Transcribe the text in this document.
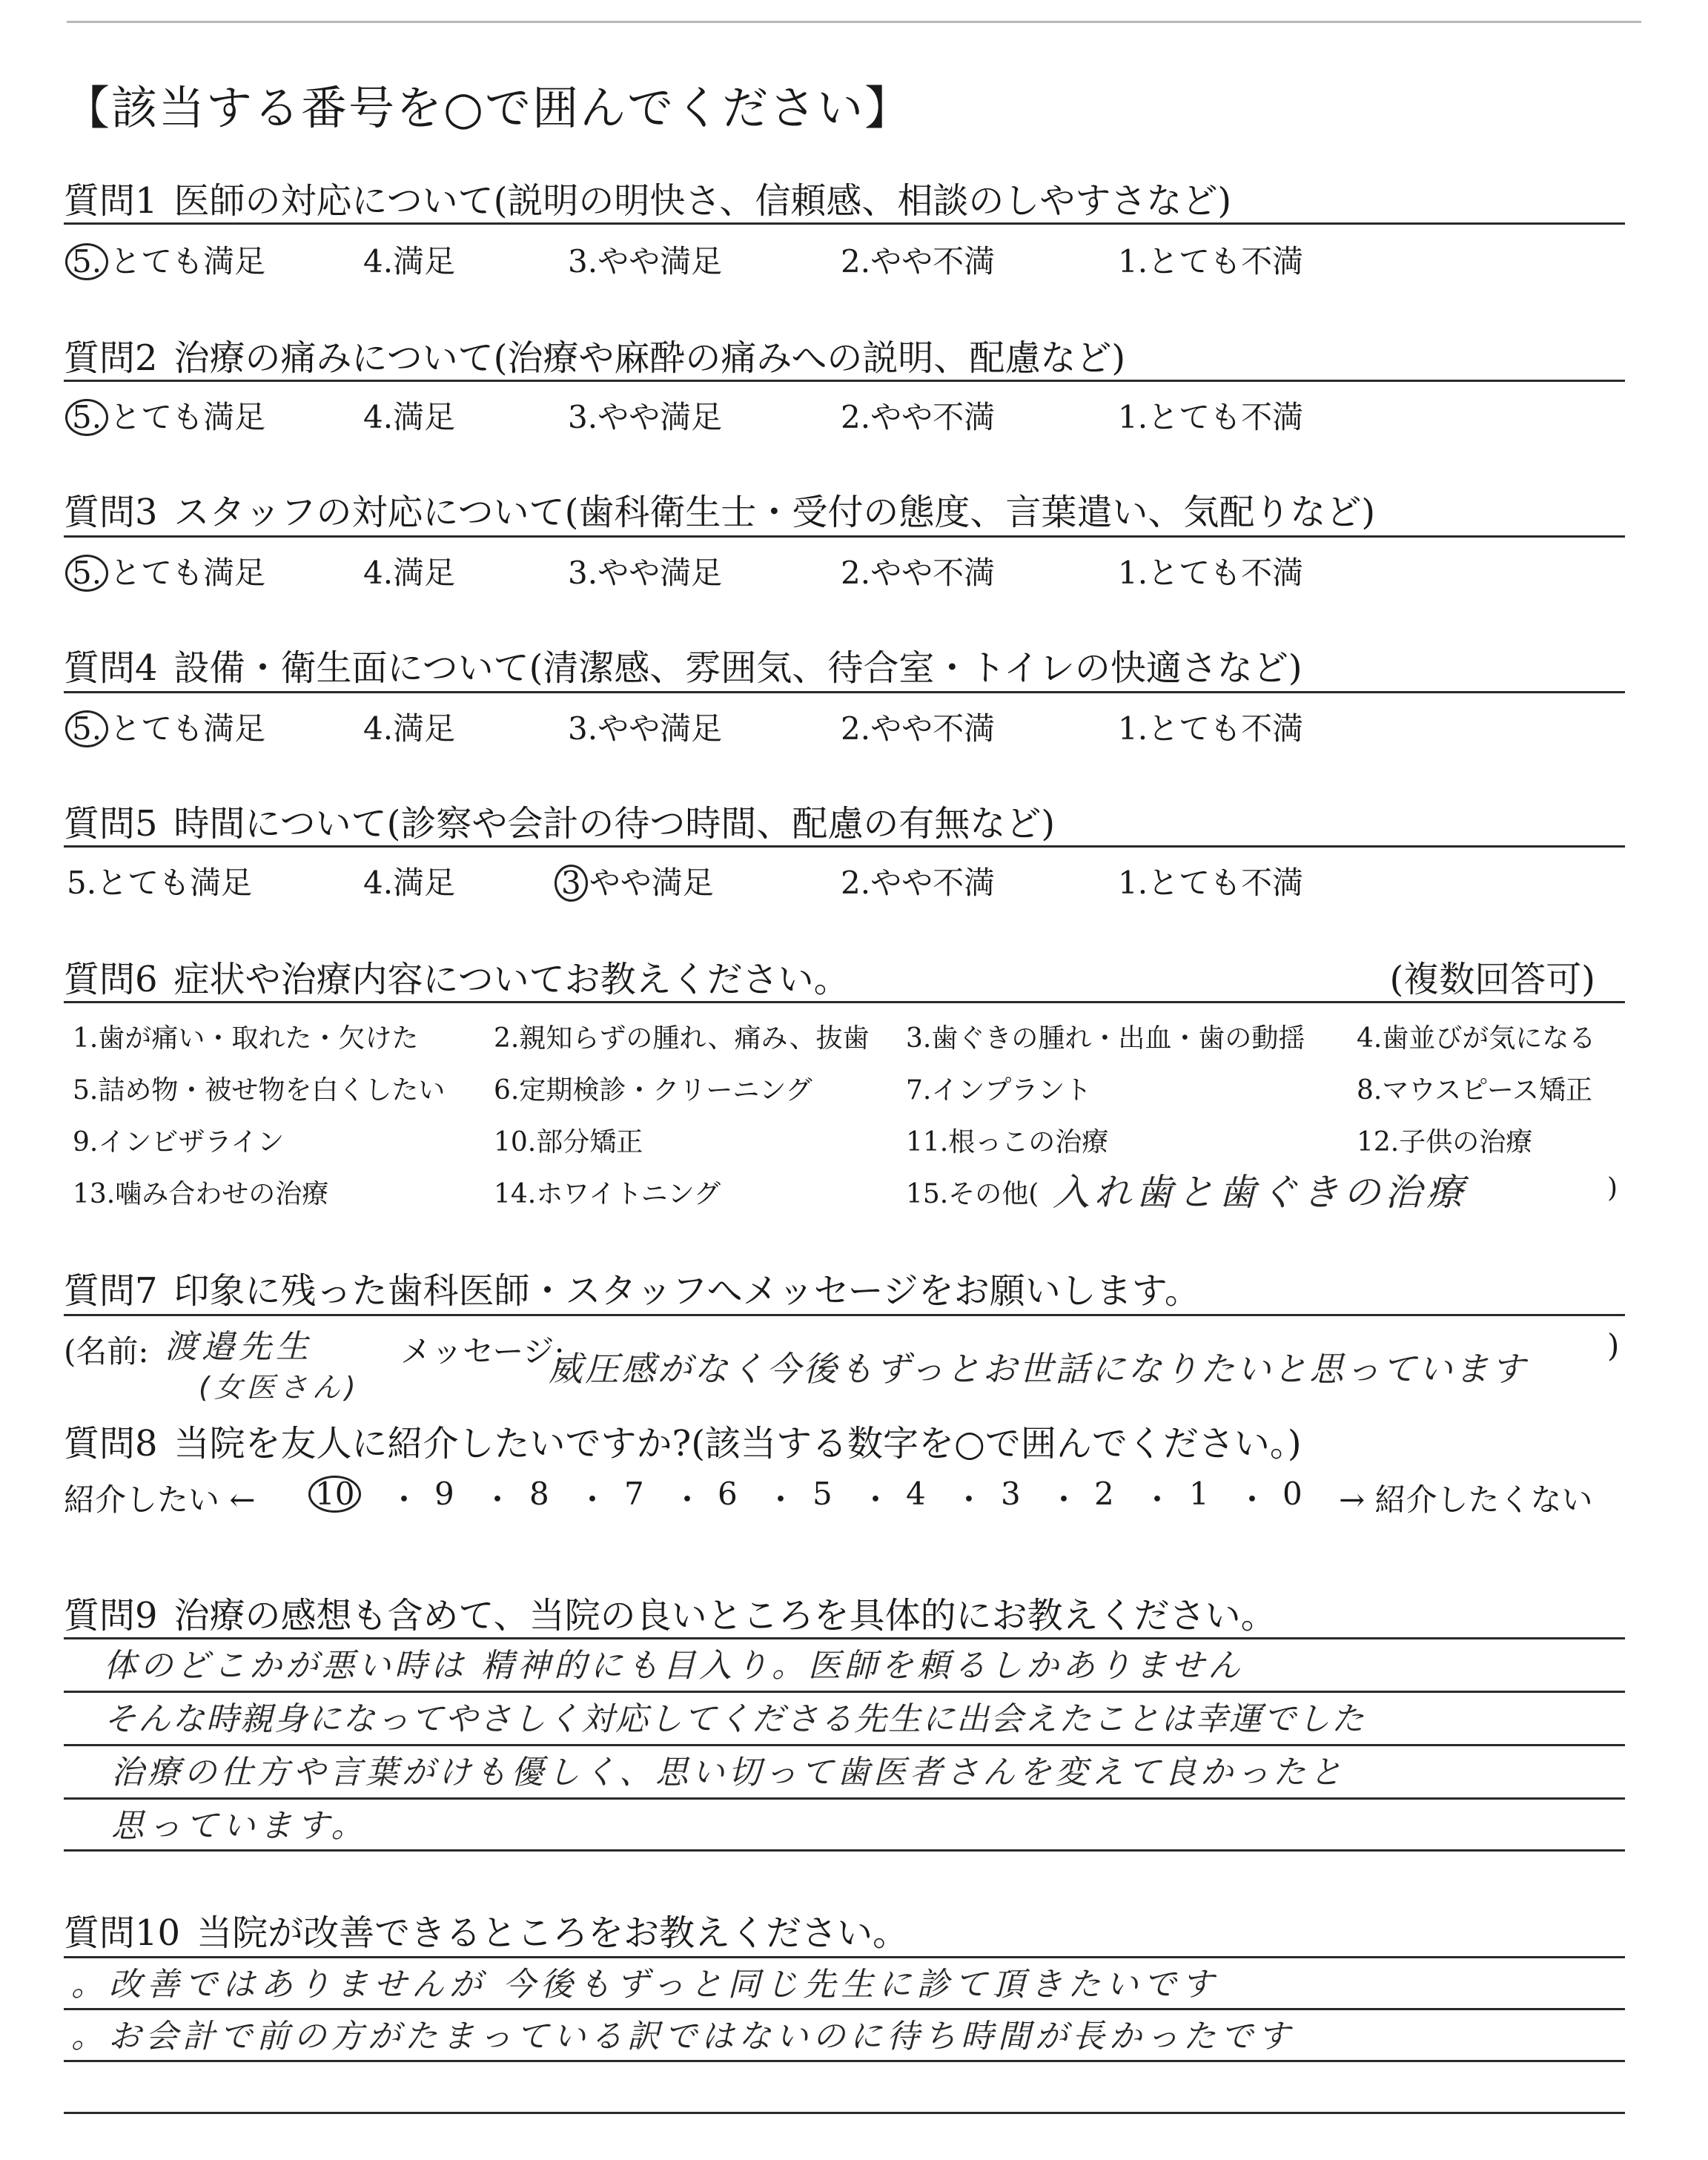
【該当する番号を○で囲んでください】
質問1 医師の対応について(説明の明快さ、信頼感、相談のしやすさなど)
5. とても満足	4.満足	3.やや満足	2.やや不満	1.とても不満
質問2 治療の痛みについて(治療や麻酔の痛みへの説明、配慮など)
5. とても満足	4.満足	3.やや満足	2.やや不満	1.とても不満
質問3 スタッフの対応について(歯科衛生士・受付の態度、言葉遣い、気配りなど)
5. とても満足	4.満足	3.やや満足	2.やや不満	1.とても不満
質問4 設備・衛生面について(清潔感、雰囲気、待合室・トイレの快適さなど)
5. とても満足	4.満足	3.やや満足	2.やや不満	1.とても不満
質問5 時間について(診察や会計の待つ時間、配慮の有無など)
5.とても満足	4.満足	3 やや満足	2.やや不満	1.とても不満
質問6 症状や治療内容についてお教えください。	(複数回答可)
1.歯が痛い・取れた・欠けた	2.親知らずの腫れ、痛み、抜歯 3.歯ぐきの腫れ・出血・歯の動揺 4.歯並びが気になる
5.詰め物・被せ物を白くしたい 6.定期検診・クリーニング	7.インプラント	8.マウスピース矯正
9.インビザライン	10.部分矯正	11.根っこの治療	12.子供の治療
13.噛み合わせの治療	14.ホワイトニング	15.その他( 入れ歯と歯ぐきの治療	)
質問7 印象に残った歯科医師・スタッフへメッセージをお願いします。
(名前: 渡邉先生
(女医さん)
メッセージ:
威圧感がなく今後もずっとお世話になりたいと思っています
)
質問8 当院を友人に紹介したいですか?(該当する数字を○で囲んでください。)
紹介したい ← 10 ・ 9 ・ 8 ・ 7 ・ 6 ・ 5 ・ 4 ・ 3 ・ 2 ・ 1 ・ 0 → 紹介したくない
質問9 治療の感想も含めて、当院の良いところを具体的にお教えください。
体のどこかが悪い時は 精神的にも目入り。医師を頼るしかありません
そんな時親身になってやさしく対応してくださる先生に出会えたことは幸運でした
治療の仕方や言葉がけも優しく、思い切って歯医者さんを変えて良かったと
思っています。
質問10 当院が改善できるところをお教えください。
。改善ではありませんが 今後もずっと同じ先生に診て頂きたいです
。お会計で前の方がたまっている訳ではないのに待ち時間が長かったです
